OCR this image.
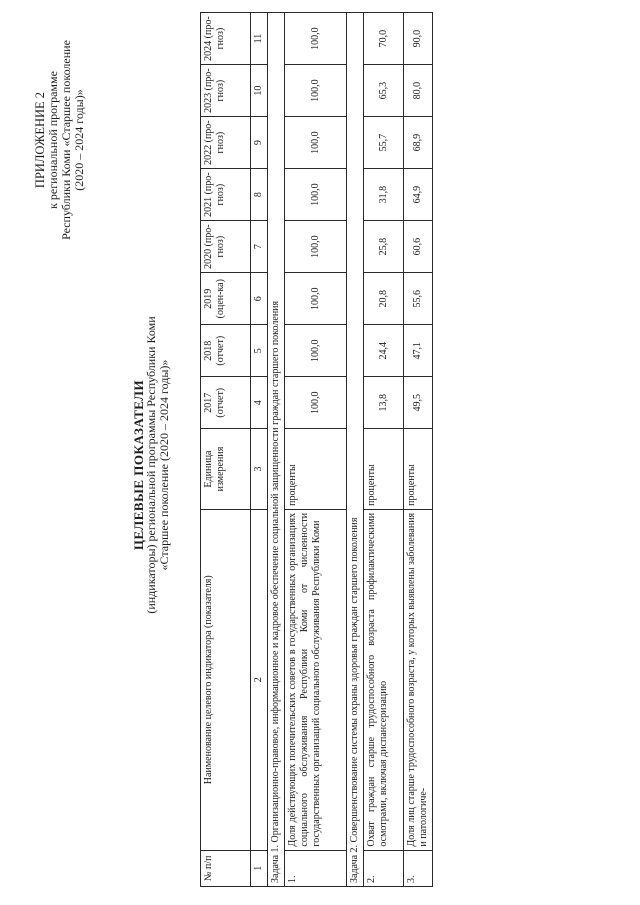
ПРИЛОЖЕНИЕ 2 к региональной программе Республики Коми «Старшее поколение (2020 – 2024 годы)»
ЦЕЛЕВЫЕ ПОКАЗАТЕЛИ
(индикаторы) региональной программы Республики Коми «Старшее поколение (2020 – 2024 годы)»
№ п/п	Наименование целевого индикатора (показателя)	Единица измерения	2017 (отчет)	2018 (отчет)	2019 (оцен-ка)	2020 (про-гноз)	2021 (про-гноз)	2022 (про-гноз)	2023 (про-гноз)	2024 (про-гноз)
1	2	3	4	5	6	7	8	9	10	11
Задача 1. Организационно-правовое, информационное и кадровое обеспечение социальной защищенности граждан старшего поколения										
1.	Доля действующих попечительских советов в государственных организациях социального обслуживания Республики Коми от численности государственных организаций социального обслуживания Республики Коми	проценты	100,0	100,0	100,0	100,0	100,0	100,0	100,0	100,0
Задача 2. Совершенствование системы охраны здоровья граждан старшего поколения										
2.	Охват граждан старше трудоспособного возраста профилактическими осмотрами, включая диспансеризацию	проценты	13,8	24,4	20,8	25,8	31,8	55,7	65,3	70,0
3.	Доля лиц старше трудоспособного возраста, у которых выявлены заболевания и патологиче-	проценты	49,5	47,1	55,6	60,6	64,9	68,9	80,0	90,0
